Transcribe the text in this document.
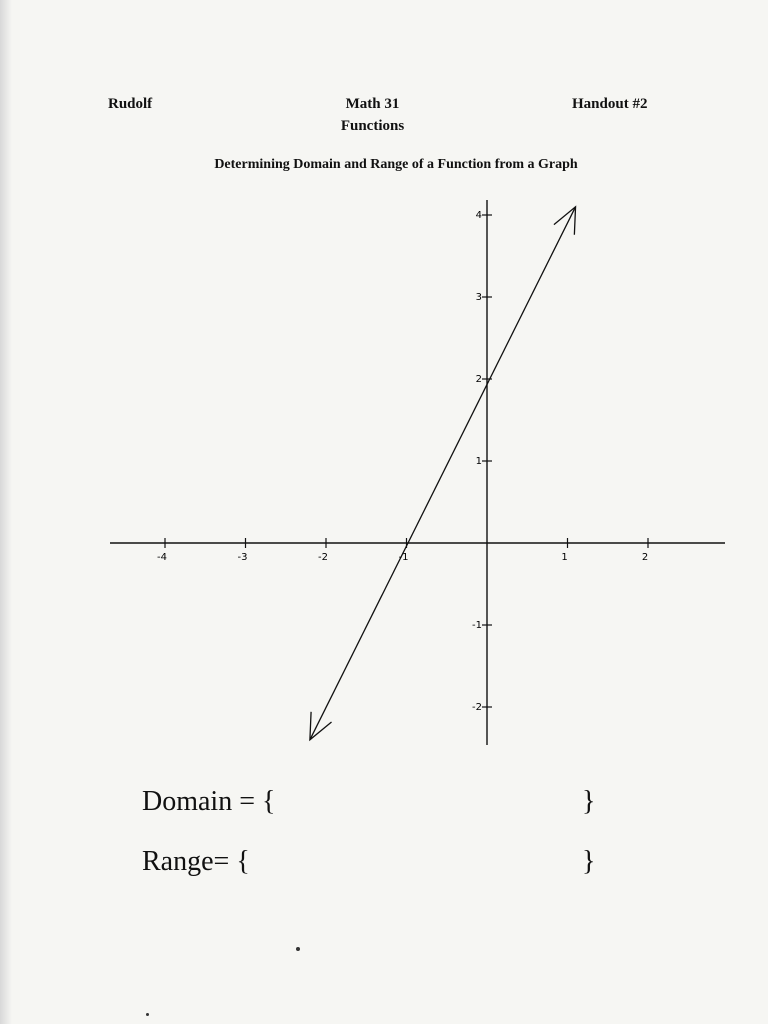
Rudolf	Math 31
Functions
Handout #2
Determining Domain and Range of a Function from a Graph
-4	-3	-2	-1	1	2
4
3
2
1
-1
-2
Domain = {	}
Range= {	}
